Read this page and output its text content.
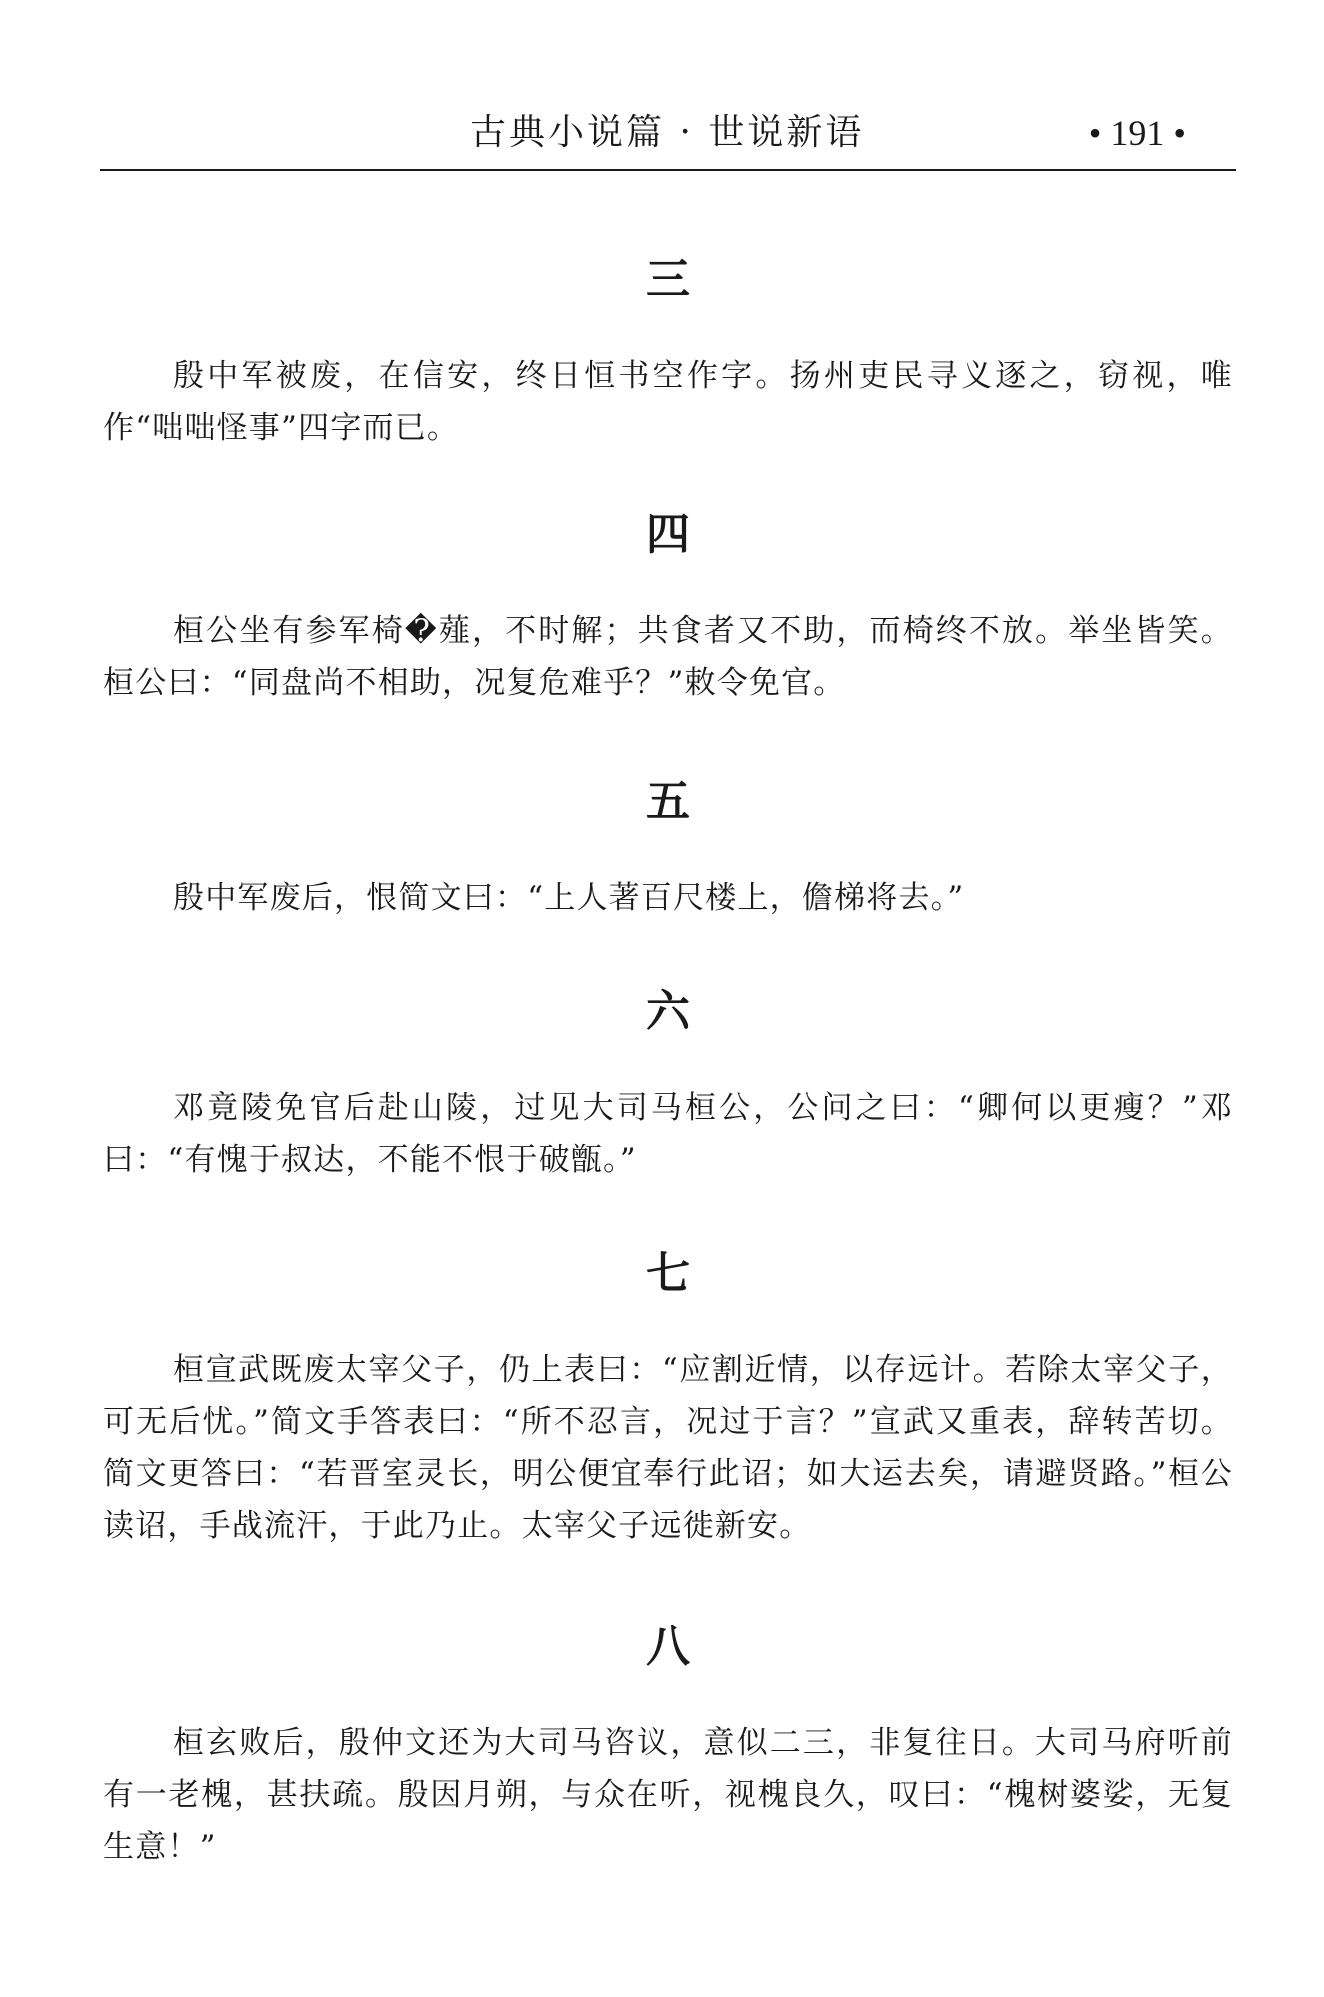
古典小说篇 · 世说新语	• 191 •
三

殷中军被废，在信安，终日恒书空作字。扬州吏民寻义逐之，窃视，唯作“咄咄怪事”四字而已。

四

桓公坐有参军椅�薤，不时解；共食者又不助，而椅终不放。举坐皆笑。桓公曰：“同盘尚不相助，况复危难乎？”敕令免官。

五

殷中军废后，恨简文曰：“上人著百尺楼上，儋梯将去。”

六

邓竟陵免官后赴山陵，过见大司马桓公，公问之曰：“卿何以更瘦？”邓曰：“有愧于叔达，不能不恨于破甑。”

七

桓宣武既废太宰父子，仍上表曰：“应割近情，以存远计。若除太宰父子，可无后忧。”简文手答表曰：“所不忍言，况过于言？”宣武又重表，辞转苦切。简文更答曰：“若晋室灵长，明公便宜奉行此诏；如大运去矣，请避贤路。”桓公读诏，手战流汗，于此乃止。太宰父子远徙新安。

八

桓玄败后，殷仲文还为大司马咨议，意似二三，非复往日。大司马府听前有一老槐，甚扶疏。殷因月朔，与众在听，视槐良久，叹曰：“槐树婆娑，无复生意！”
